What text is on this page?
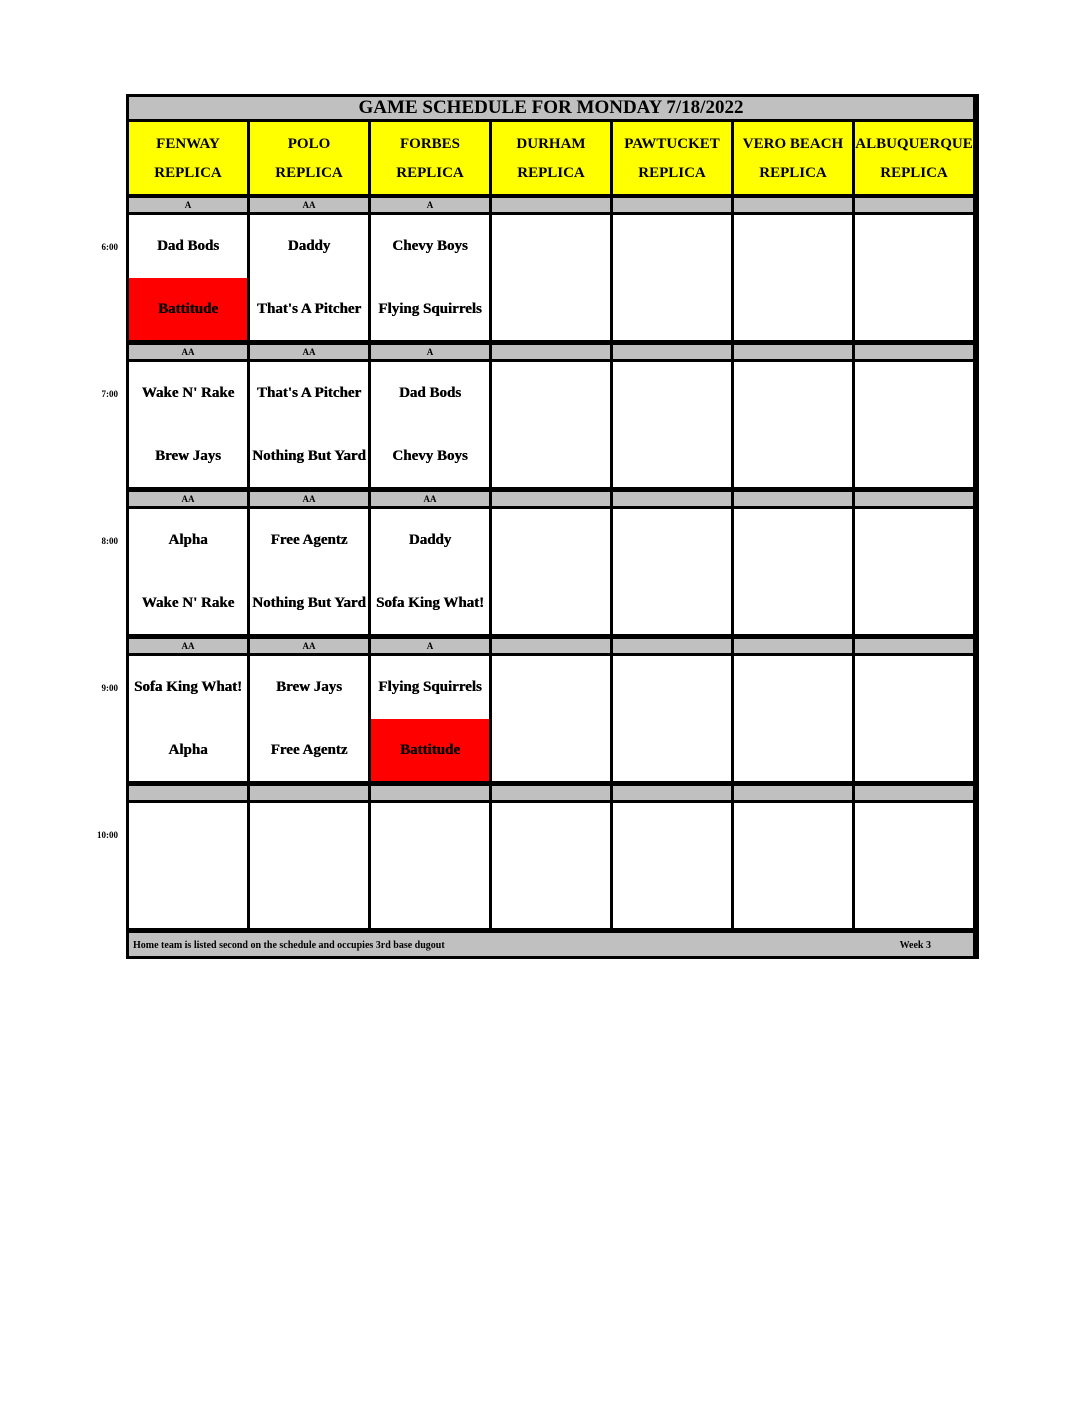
GAME SCHEDULE FOR MONDAY 7/18/2022
FENWAY
REPLICA
POLO
REPLICA
FORBES
REPLICA
DURHAM
REPLICA
PAWTUCKET
REPLICA
VERO BEACH
REPLICA
ALBUQUERQUE
REPLICA
A
Dad Bods
Battitude
AA
Daddy
That's A Pitcher
A
Chevy Boys
Flying Squirrels
AA
Wake N' Rake
Brew Jays
AA
That's A Pitcher
Nothing But Yard
A
Dad Bods
Chevy Boys
AA
Alpha
Wake N' Rake
AA
Free Agentz
Nothing But Yard
AA
Daddy
Sofa King What!
AA
Sofa King What!
Alpha
AA
Brew Jays
Free Agentz
A
Flying Squirrels
Battitude
Home team is listed second on the schedule and occupies 3rd base dugout	Week 3
6:00
7:00
8:00
9:00
10:00
